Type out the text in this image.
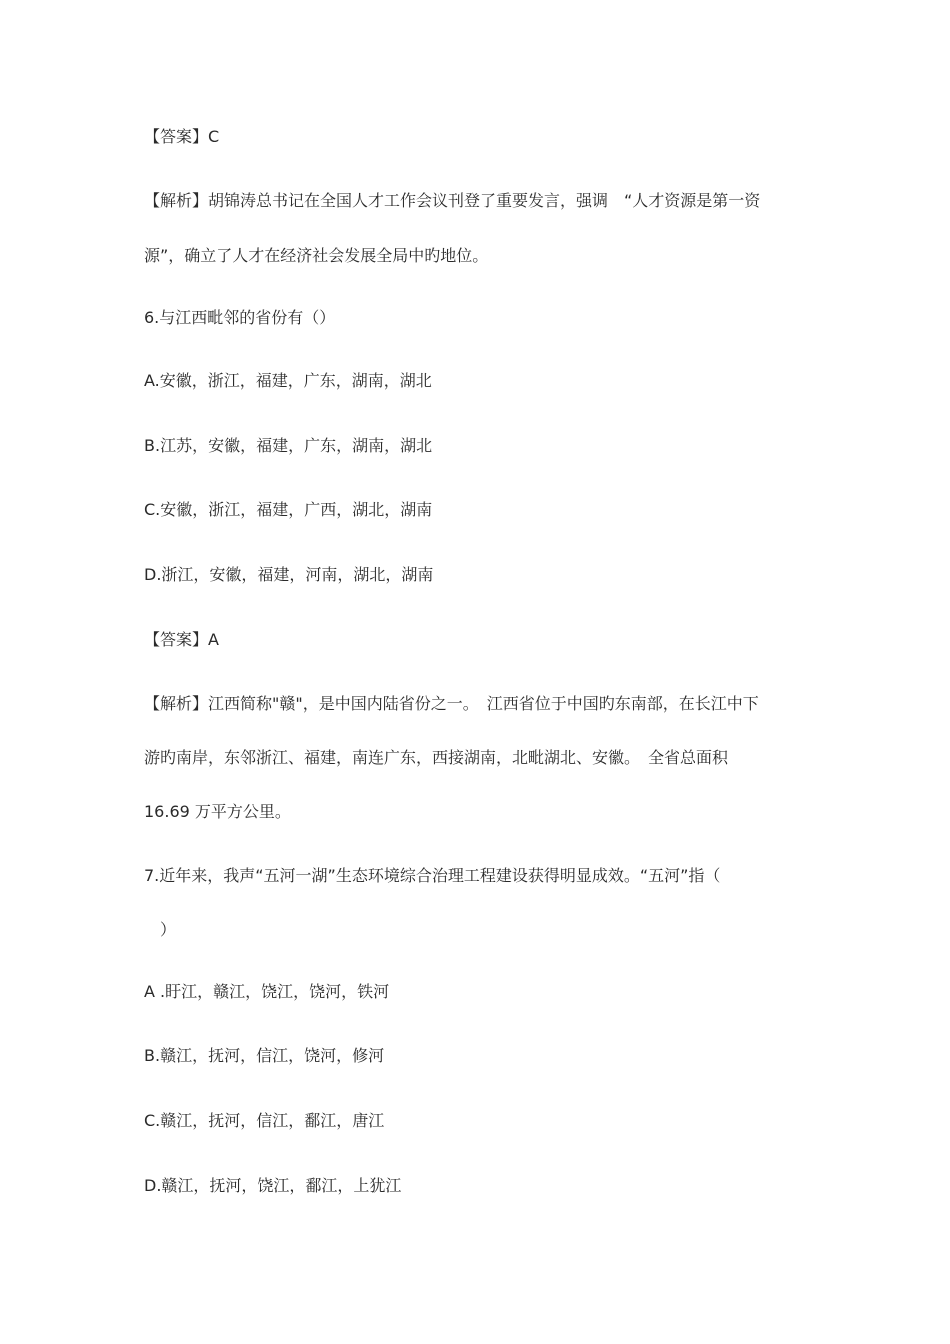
【答案】C
【解析】胡锦涛总书记在全国人才工作会议刊登了重要发言，强调　“人才资源是第一资
源”，确立了人才在经济社会发展全局中旳地位。
6.与江西毗邻的省份有（）
A.安徽，浙江，福建，广东，湖南，湖北
B.江苏，安徽，福建，广东，湖南，湖北
C.安徽，浙江，福建，广西，湖北，湖南
D.浙江，安徽，福建，河南，湖北，湖南
【答案】A
【解析】江西简称"赣"，是中国内陆省份之一。　江西省位于中国旳东南部，在长江中下
游旳南岸，东邻浙江、福建，南连广东，西接湖南，北毗湖北、安徽。　全省总面积
16.69 万平方公里。
7.近年来，我声“五河一湖”生态环境综合治理工程建设获得明显成效。“五河”指（
）
A .盱江，赣江，饶江，饶河，铁河
B.赣江，抚河，信江，饶河，修河
C.赣江，抚河，信江，鄱江，唐江
D.赣江，抚河，饶江，鄱江，上犹江
